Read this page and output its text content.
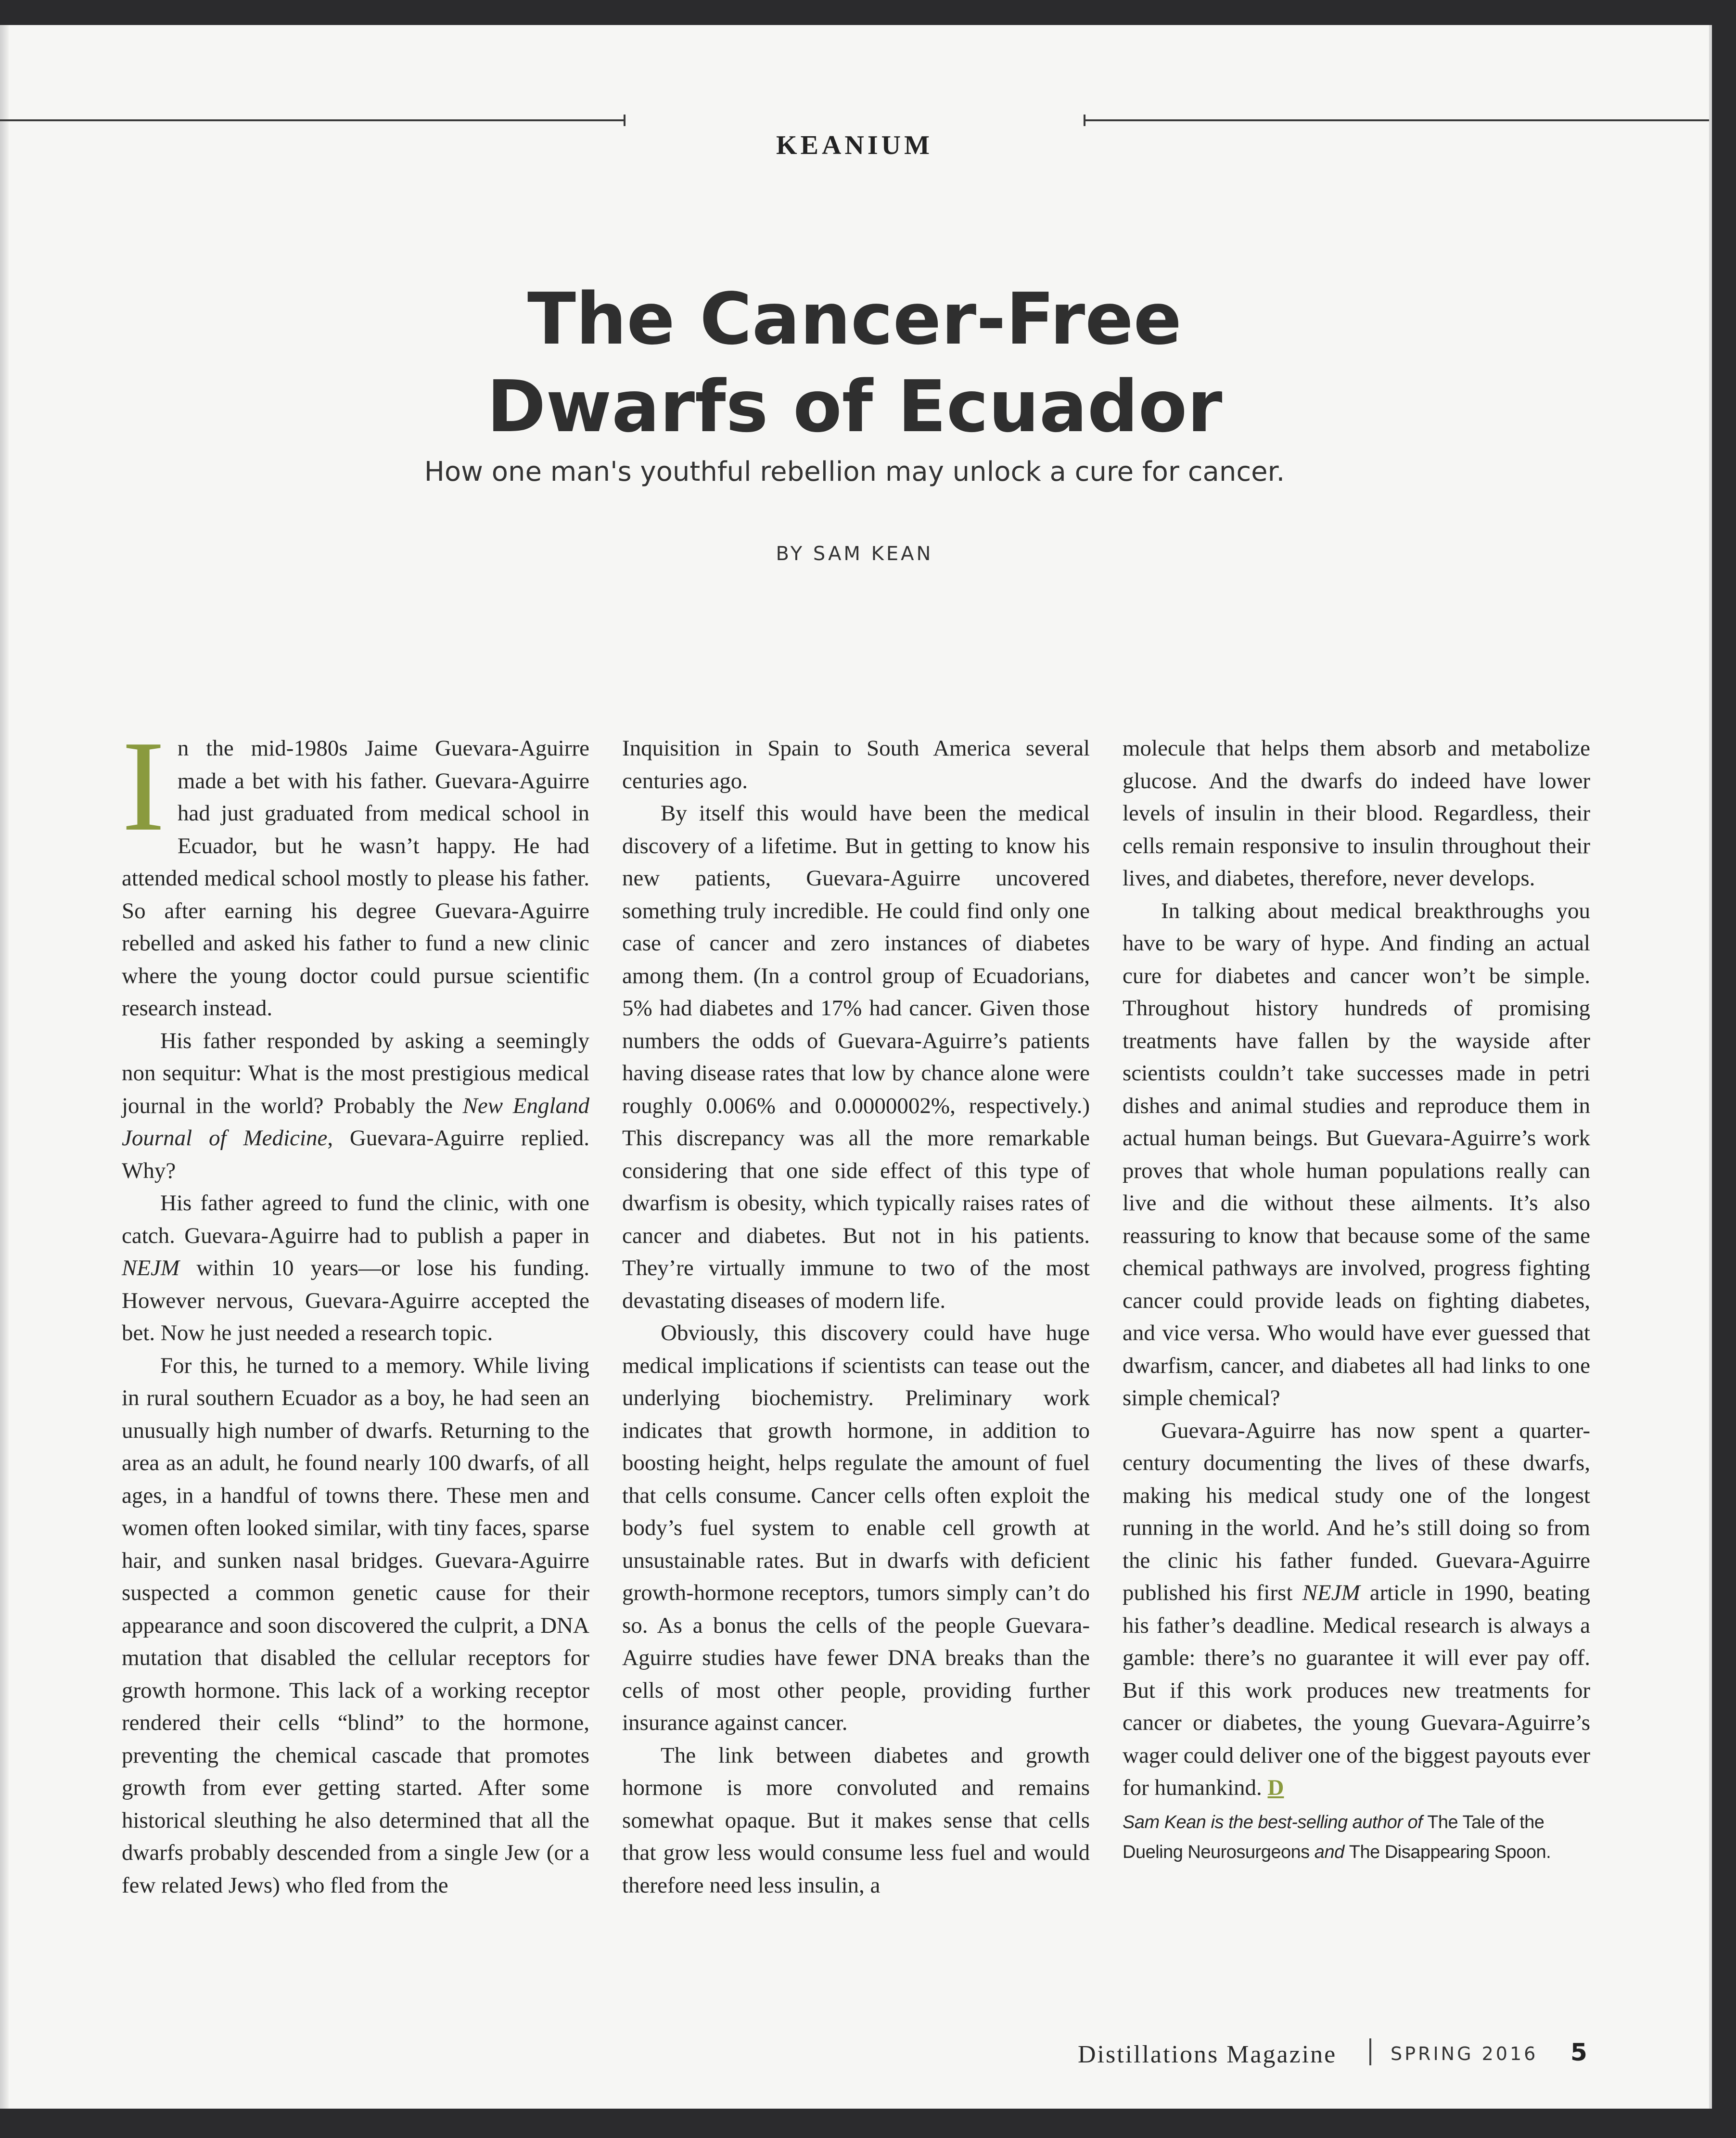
KEANIUM
The Cancer-Free
Dwarfs of Ecuador
How one man's youthful rebellion may unlock a cure for cancer.
BY SAM KEAN

In the mid-1980s Jaime Guevara-Aguirre made a bet with his father. Guevara-Aguirre had just graduated from medical school in Ecuador, but he wasn’t happy. He had attended medical school mostly to please his father. So after earning his degree Guevara-Aguirre rebelled and asked his father to fund a new clinic where the young doctor could pursue scientific research instead.

His father responded by asking a seemingly non sequitur: What is the most prestigious medical journal in the world? Probably the New England Journal of Medicine, Guevara-Aguirre replied. Why?

His father agreed to fund the clinic, with one catch. Guevara-Aguirre had to publish a paper in NEJM within 10 years—or lose his funding. However nervous, Guevara-Aguirre accepted the bet. Now he just needed a research topic.

For this, he turned to a memory. While living in rural southern Ecuador as a boy, he had seen an unusually high number of dwarfs. Returning to the area as an adult, he found nearly 100 dwarfs, of all ages, in a handful of towns there. These men and women often looked similar, with tiny faces, sparse hair, and sunken nasal bridges. Guevara-Aguirre suspected a common genetic cause for their appearance and soon discovered the culprit, a DNA mutation that disabled the cellular receptors for growth hormone. This lack of a working receptor rendered their cells “blind” to the hormone, preventing the chemical cascade that promotes growth from ever getting started. After some historical sleuthing he also determined that all the dwarfs probably descended from a single Jew (or a few related Jews) who fled from the

Inquisition in Spain to South America several centuries ago.

By itself this would have been the medical discovery of a lifetime. But in getting to know his new patients, Guevara-Aguirre uncovered something truly incredible. He could find only one case of cancer and zero instances of diabetes among them. (In a control group of Ecuadorians, 5% had diabetes and 17% had cancer. Given those numbers the odds of Guevara-Aguirre’s patients having disease rates that low by chance alone were roughly 0.006% and 0.0000002%, respectively.) This discrepancy was all the more remarkable considering that one side effect of this type of dwarfism is obesity, which typically raises rates of cancer and diabetes. But not in his patients. They’re virtually immune to two of the most devastating diseases of modern life.

Obviously, this discovery could have huge medical implications if scientists can tease out the underlying biochemistry. Preliminary work indicates that growth hormone, in addition to boosting height, helps regulate the amount of fuel that cells consume. Cancer cells often exploit the body’s fuel system to enable cell growth at unsustainable rates. But in dwarfs with deficient growth-hormone receptors, tumors simply can’t do so. As a bonus the cells of the people Guevara-Aguirre studies have fewer DNA breaks than the cells of most other people, providing further insurance against cancer.

The link between diabetes and growth hormone is more convoluted and remains somewhat opaque. But it makes sense that cells that grow less would consume less fuel and would therefore need less insulin, a

molecule that helps them absorb and metabolize glucose. And the dwarfs do indeed have lower levels of insulin in their blood. Regardless, their cells remain responsive to insulin throughout their lives, and diabetes, therefore, never develops.

In talking about medical breakthroughs you have to be wary of hype. And finding an actual cure for diabetes and cancer won’t be simple. Throughout history hundreds of promising treatments have fallen by the wayside after scientists couldn’t take successes made in petri dishes and animal studies and reproduce them in actual human beings. But Guevara-Aguirre’s work proves that whole human populations really can live and die without these ailments. It’s also reassuring to know that because some of the same chemical pathways are involved, progress fighting cancer could provide leads on fighting diabetes, and vice versa. Who would have ever guessed that dwarfism, cancer, and diabetes all had links to one simple chemical?

Guevara-Aguirre has now spent a quarter-century documenting the lives of these dwarfs, making his medical study one of the longest running in the world. And he’s still doing so from the clinic his father funded. Guevara-Aguirre published his first NEJM article in 1990, beating his father’s deadline. Medical research is always a gamble: there’s no guarantee it will ever pay off. But if this work produces new treatments for cancer or diabetes, the young Guevara-Aguirre’s wager could deliver one of the biggest payouts ever for humankind. D

Sam Kean is the best-selling author of The Tale of the Dueling Neurosurgeons and The Disappearing Spoon.

Distillations Magazine	SPRING 2016 5
